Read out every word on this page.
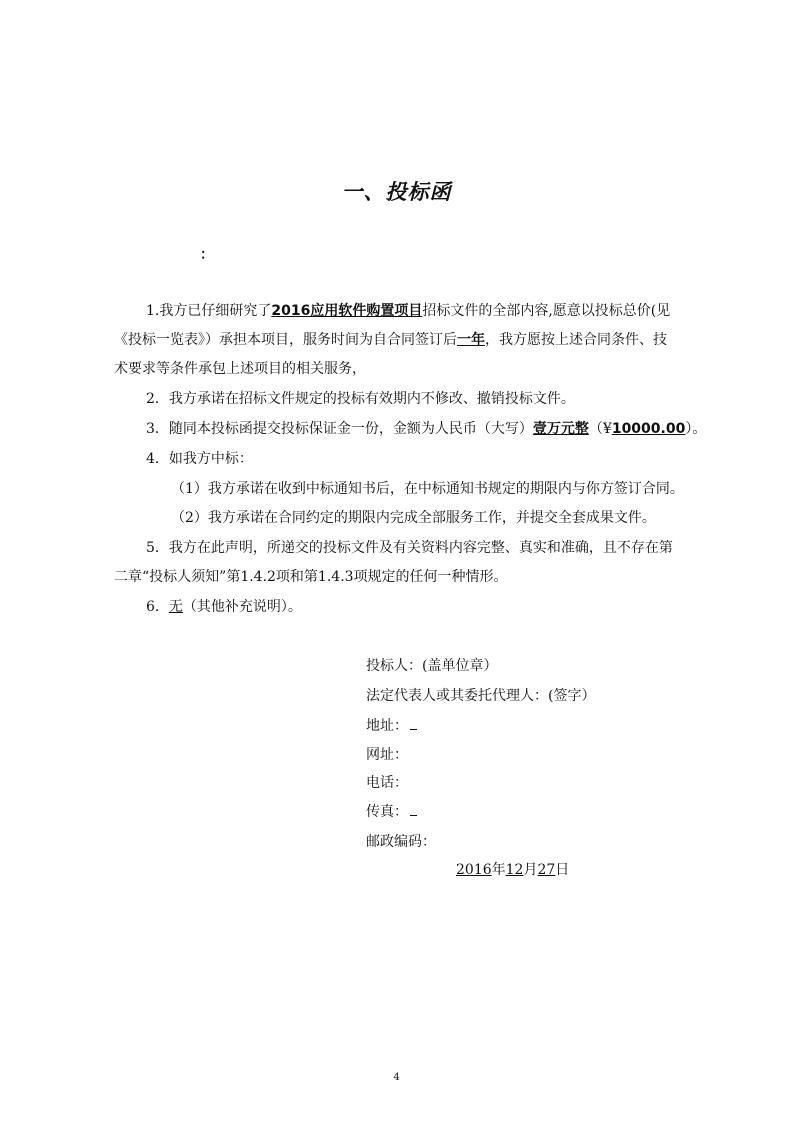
一、投标函
：
1.我方已仔细研究了2016应用软件购置项目招标文件的全部内容,愿意以投标总价(见
《投标一览表》）承担本项目，服务时间为自合同签订后一年，我方愿按上述合同条件、技
术要求等条件承包上述项目的相关服务，
2．我方承诺在招标文件规定的投标有效期内不修改、撤销投标文件。
3．随同本投标函提交投标保证金一份，金额为人民币（大写）壹万元整（¥10000.00）。
4．如我方中标：
（1）我方承诺在收到中标通知书后，在中标通知书规定的期限内与你方签订合同。
（2）我方承诺在合同约定的期限内完成全部服务工作，并提交全套成果文件。
5．我方在此声明，所递交的投标文件及有关资料内容完整、真实和准确，且不存在第
二章“投标人须知”第1.4.2项和第1.4.3项规定的任何一种情形。
6．无（其他补充说明）。
投标人：(盖单位章）
法定代表人或其委托代理人：(签字）
地址：
网址：
电话：
传真：
邮政编码：
2016年12月27日
4
